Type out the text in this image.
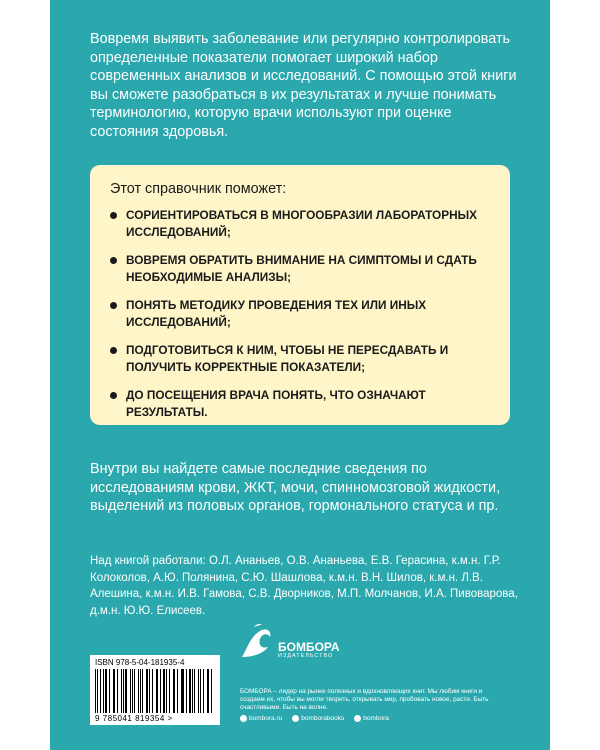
Вовремя выявить заболевание или регулярно контролировать определенные показатели помогает широкий набор современных анализов и исследований. С помощью этой книги вы сможете разобраться в их результатах и лучше понимать терминологию, которую врачи используют при оценке состояния здоровья.

Этот справочник поможет:

СОРИЕНТИРОВАТЬСЯ В МНОГООБРАЗИИ ЛАБОРАТОРНЫХ ИССЛЕДОВАНИЙ;
ВОВРЕМЯ ОБРАТИТЬ ВНИМАНИЕ НА СИМПТОМЫ И СДАТЬ НЕОБХОДИМЫЕ АНАЛИЗЫ;
ПОНЯТЬ МЕТОДИКУ ПРОВЕДЕНИЯ ТЕХ ИЛИ ИНЫХ ИССЛЕДОВАНИЙ;
ПОДГОТОВИТЬСЯ К НИМ, ЧТОБЫ НЕ ПЕРЕСДАВАТЬ И ПОЛУЧИТЬ КОРРЕКТНЫЕ ПОКАЗАТЕЛИ;
ДО ПОСЕЩЕНИЯ ВРАЧА ПОНЯТЬ, ЧТО ОЗНАЧАЮТ РЕЗУЛЬТАТЫ.

Внутри вы найдете самые последние сведения по исследованиям крови, ЖКТ, мочи, спинномозговой жидкости, выделений из половых органов, гормонального статуса и пр.

Над книгой работали: О.Л. Ананьев, О.В. Ананьева, Е.В. Герасина, к.м.н. Г.Р. Колоколов, А.Ю. Полянина, С.Ю. Шашлова, к.м.н. В.Н. Шилов, к.м.н. Л.В. Алешина, к.м.н. И.В. Гамова, С.В. Дворников, М.П. Молчанов, И.А. Пивоварова, д.м.н. Ю.Ю. Елисеев.

ISBN 978-5-04-181935-4

9 785041 819354 >
БОМБОРА
ИЗДАТЕЛЬСТВО

БОМБОРА – лидер на рынке полезных и вдохновляющих книг. Мы любим книги и создаем их, чтобы вы могли творить, открывать мир, пробовать новое, расти. Быть счастливыми. Быть на волне.

bombora.ru	bomborabooks	bombora
